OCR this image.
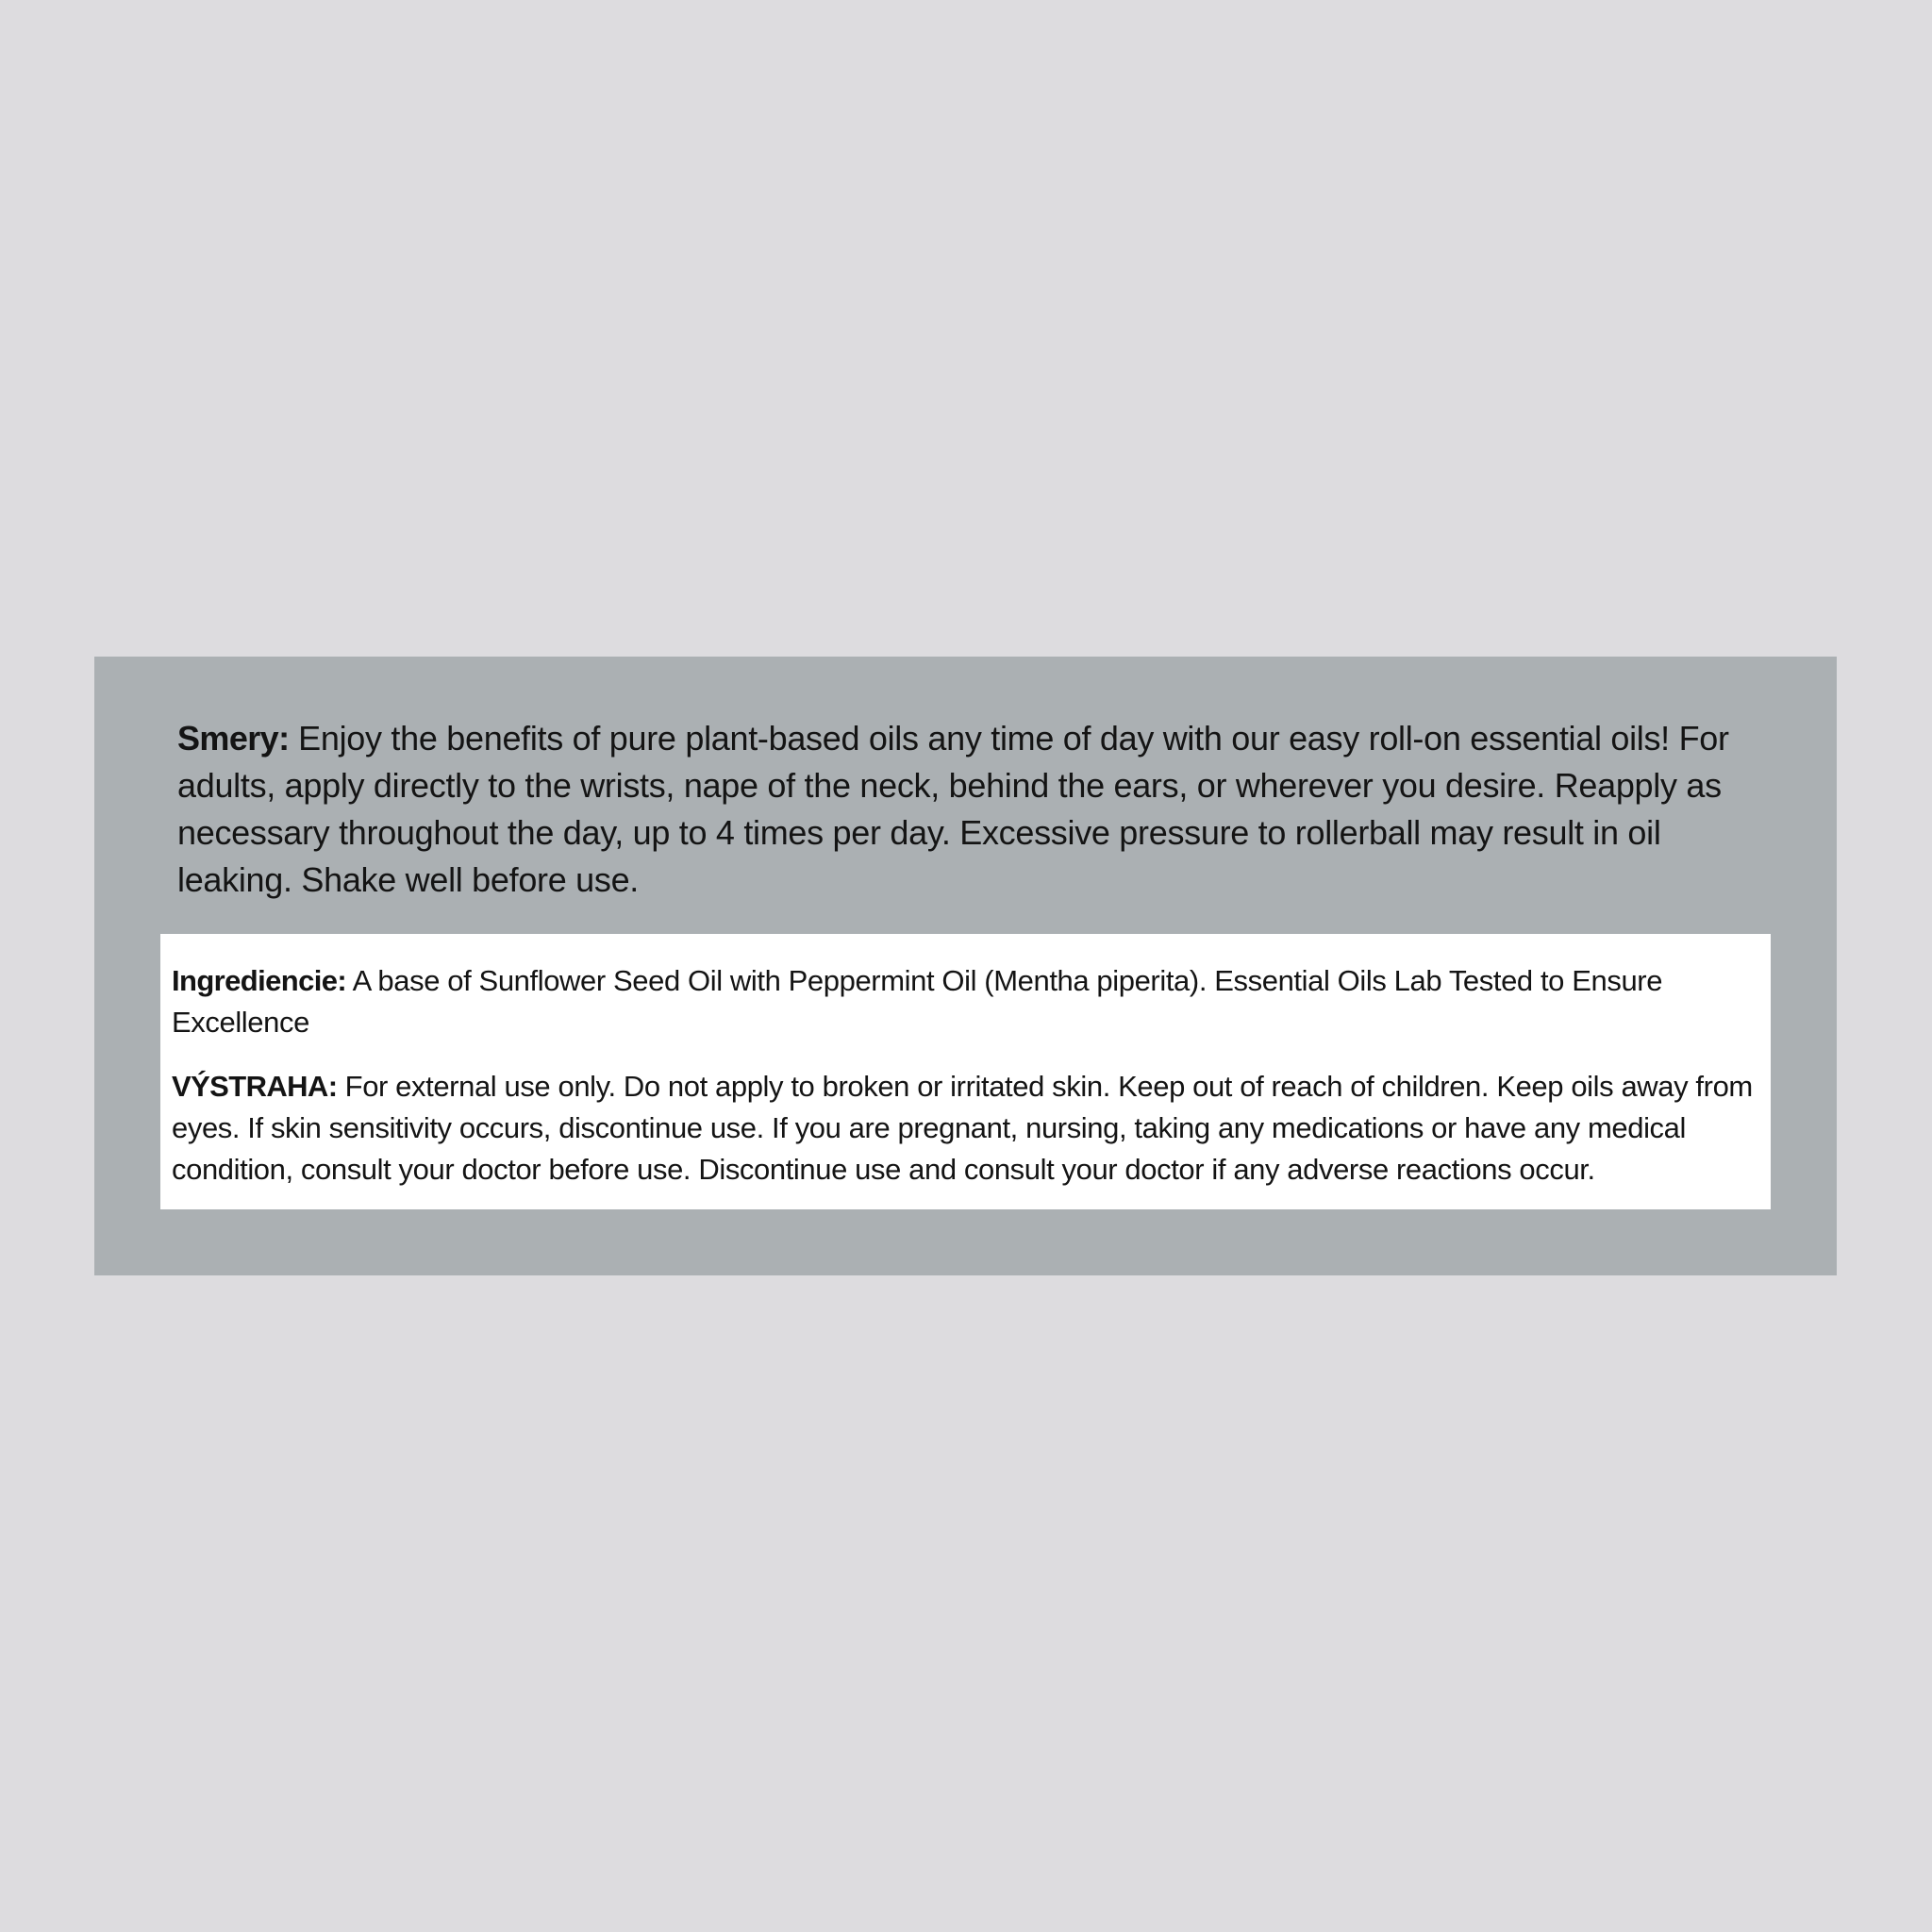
Smery: Enjoy the benefits of pure plant-based oils any time of day with our easy roll-on essential oils! For adults, apply directly to the wrists, nape of the neck, behind the ears, or wherever you desire. Reapply as necessary throughout the day, up to 4 times per day. Excessive pressure to rollerball may result in oil leaking. Shake well before use.

Ingrediencie: A base of Sunflower Seed Oil with Peppermint Oil (Mentha piperita). Essential Oils Lab Tested to Ensure Excellence

VÝSTRAHA: For external use only. Do not apply to broken or irritated skin. Keep out of reach of children. Keep oils away from eyes. If skin sensitivity occurs, discontinue use. If you are pregnant, nursing, taking any medications or have any medical condition, consult your doctor before use. Discontinue use and consult your doctor if any adverse reactions occur.
